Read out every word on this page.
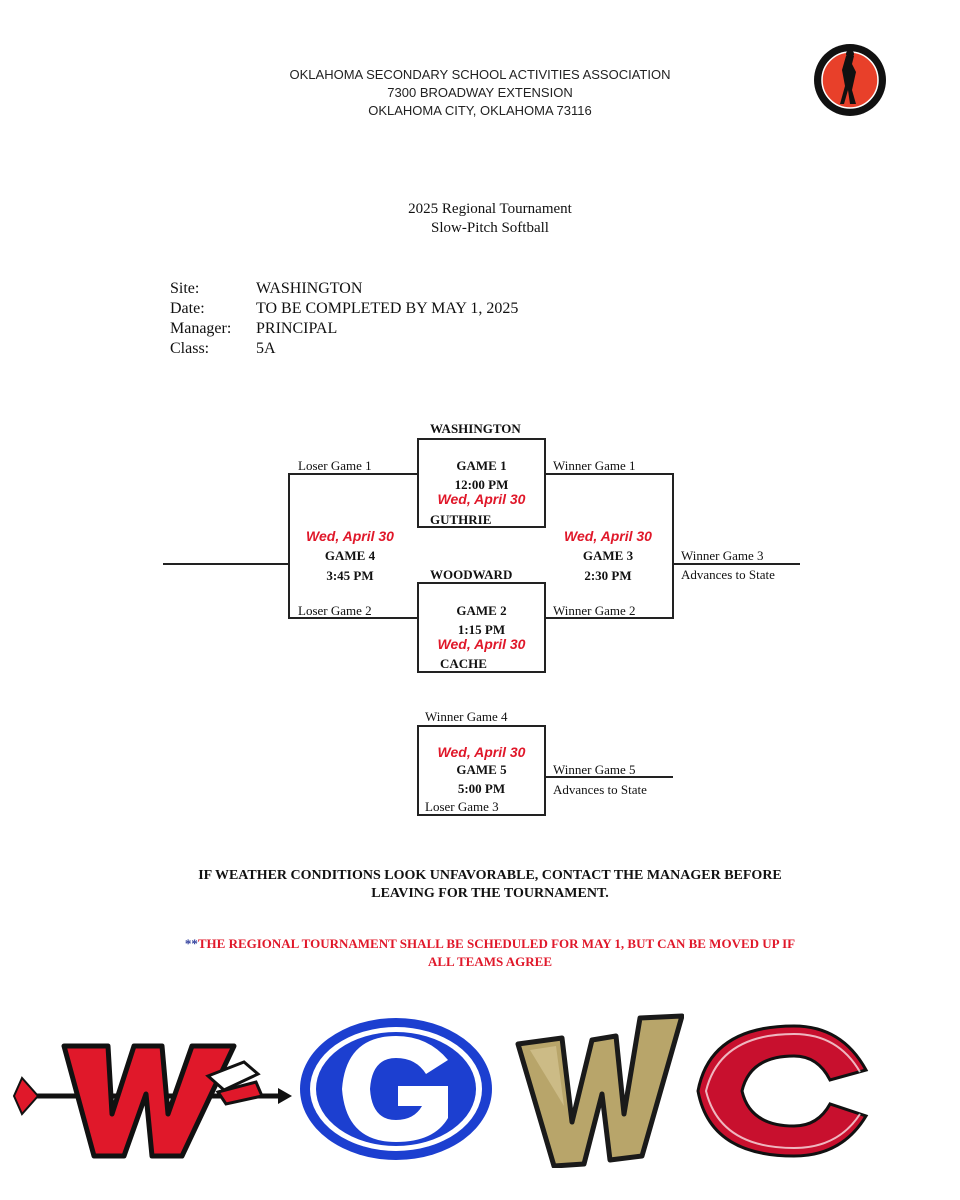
OKLAHOMA SECONDARY SCHOOL ACTIVITIES ASSOCIATION
7300 BROADWAY EXTENSION
OKLAHOMA CITY, OKLAHOMA 73116
2025 Regional Tournament
Slow-Pitch Softball
Site:	WASHINGTON
Date:	TO BE COMPLETED BY MAY 1, 2025
Manager:	PRINCIPAL
Class:	5A
WASHINGTON
GAME 1
12:00 PM
Wed, April 30
GUTHRIE
WOODWARD
GAME 2
1:15 PM
Wed, April 30
CACHE
Loser Game 1
Loser Game 2
Wed, April 30
GAME 4
3:45 PM
Winner Game 1
Winner Game 2
Wed, April 30
GAME 3
2:30 PM
Winner Game 3
Advances to State
Winner Game 4
Wed, April 30
GAME 5
5:00 PM
Loser Game 3
Winner Game 5
Advances to State
IF WEATHER CONDITIONS LOOK UNFAVORABLE, CONTACT THE MANAGER BEFORE LEAVING FOR THE TOURNAMENT.
**THE REGIONAL TOURNAMENT SHALL BE SCHEDULED FOR MAY 1, BUT CAN BE MOVED UP IF ALL TEAMS AGREE
W G W C
